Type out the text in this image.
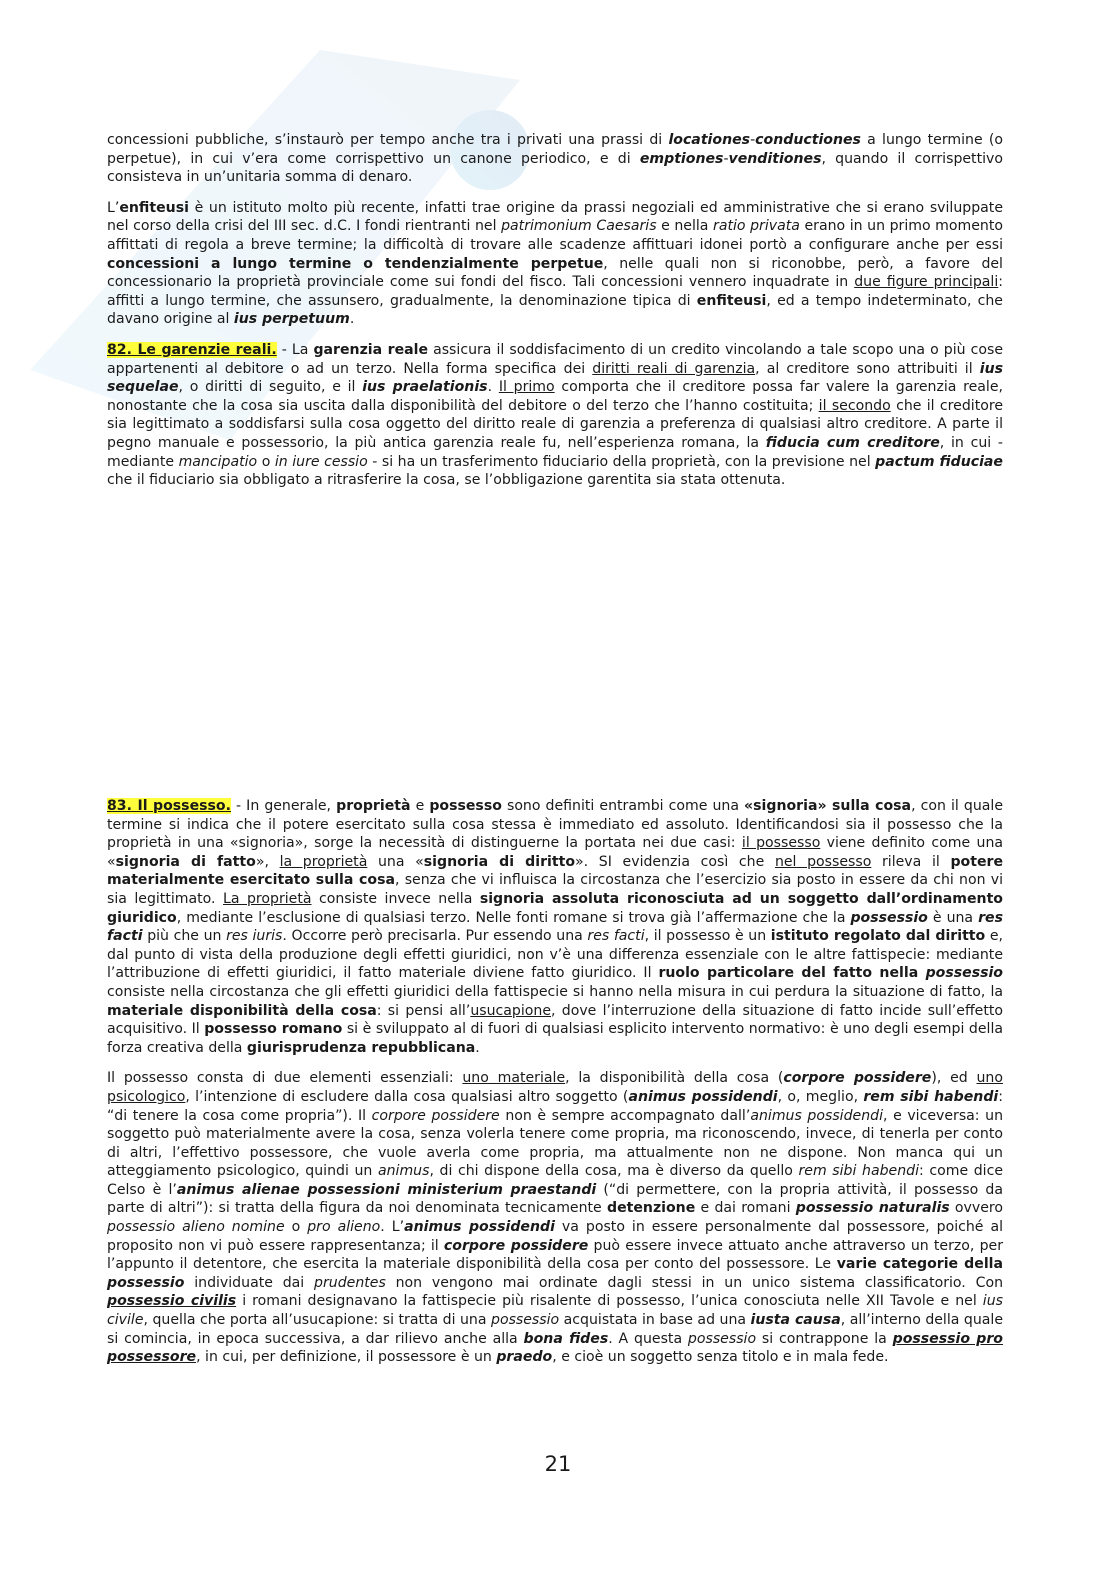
concessioni pubbliche, s’instaurò per tempo anche tra i privati una prassi di locationes-conductiones a lungo termine (o perpetue), in cui v’era come corrispettivo un canone periodico, e di emptiones-venditiones, quando il corrispettivo consisteva in un’unitaria somma di denaro.

L’enfiteusi è un istituto molto più recente, infatti trae origine da prassi negoziali ed amministrative che si erano sviluppate nel corso della crisi del III sec. d.C. I fondi rientranti nel patrimonium Caesaris e nella ratio privata erano in un primo momento affittati di regola a breve termine; la difficoltà di trovare alle scadenze affittuari idonei portò a configurare anche per essi concessioni a lungo termine o tendenzialmente perpetue, nelle quali non si riconobbe, però, a favore del concessionario la proprietà provinciale come sui fondi del fisco. Tali concessioni vennero inquadrate in due figure principali: affitti a lungo termine, che assunsero, gradualmente, la denominazione tipica di enfiteusi, ed a tempo indeterminato, che davano origine al ius perpetuum.

82. Le garenzie reali. - La garenzia reale assicura il soddisfacimento di un credito vincolando a tale scopo una o più cose appartenenti al debitore o ad un terzo. Nella forma specifica dei diritti reali di garenzia, al creditore sono attribuiti il ius sequelae, o diritti di seguito, e il ius praelationis. Il primo comporta che il creditore possa far valere la garenzia reale, nonostante che la cosa sia uscita dalla disponibilità del debitore o del terzo che l’hanno costituita; il secondo che il creditore sia legittimato a soddisfarsi sulla cosa oggetto del diritto reale di garenzia a preferenza di qualsiasi altro creditore. A parte il pegno manuale e possessorio, la più antica garenzia reale fu, nell’esperienza romana, la fiducia cum creditore, in cui - mediante mancipatio o in iure cessio - si ha un trasferimento fiduciario della proprietà, con la previsione nel pactum fiduciae che il fiduciario sia obbligato a ritrasferire la cosa, se l’obbligazione garentita sia stata ottenuta.

83. Il possesso. - In generale, proprietà e possesso sono definiti entrambi come una «signoria» sulla cosa, con il quale termine si indica che il potere esercitato sulla cosa stessa è immediato ed assoluto. Identificandosi sia il possesso che la proprietà in una «signoria», sorge la necessità di distinguerne la portata nei due casi: il possesso viene definito come una «signoria di fatto», la proprietà una «signoria di diritto». SI evidenzia così che nel possesso rileva il potere materialmente esercitato sulla cosa, senza che vi influisca la circostanza che l’esercizio sia posto in essere da chi non vi sia legittimato. La proprietà consiste invece nella signoria assoluta riconosciuta ad un soggetto dall’ordinamento giuridico, mediante l’esclusione di qualsiasi terzo. Nelle fonti romane si trova già l’affermazione che la possessio è una res facti più che un res iuris. Occorre però precisarla. Pur essendo una res facti, il possesso è un istituto regolato dal diritto e, dal punto di vista della produzione degli effetti giuridici, non v’è una differenza essenziale con le altre fattispecie: mediante l’attribuzione di effetti giuridici, il fatto materiale diviene fatto giuridico. Il ruolo particolare del fatto nella possessio consiste nella circostanza che gli effetti giuridici della fattispecie si hanno nella misura in cui perdura la situazione di fatto, la materiale disponibilità della cosa: si pensi all’usucapione, dove l’interruzione della situazione di fatto incide sull’effetto acquisitivo. Il possesso romano si è sviluppato al di fuori di qualsiasi esplicito intervento normativo: è uno degli esempi della forza creativa della giurisprudenza repubblicana.

Il possesso consta di due elementi essenziali: uno materiale, la disponibilità della cosa (corpore possidere), ed uno psicologico, l’intenzione di escludere dalla cosa qualsiasi altro soggetto (animus possidendi, o, meglio, rem sibi habendi: “di tenere la cosa come propria”). Il corpore possidere non è sempre accompagnato dall’animus possidendi, e viceversa: un soggetto può materialmente avere la cosa, senza volerla tenere come propria, ma riconoscendo, invece, di tenerla per conto di altri, l’effettivo possessore, che vuole averla come propria, ma attualmente non ne dispone. Non manca qui un atteggiamento psicologico, quindi un animus, di chi dispone della cosa, ma è diverso da quello rem sibi habendi: come dice Celso è l’animus alienae possessioni ministerium praestandi (“di permettere, con la propria attività, il possesso da parte di altri”): si tratta della figura da noi denominata tecnicamente detenzione e dai romani possessio naturalis ovvero possessio alieno nomine o pro alieno. L’animus possidendi va posto in essere personalmente dal possessore, poiché al proposito non vi può essere rappresentanza; il corpore possidere può essere invece attuato anche attraverso un terzo, per l’appunto il detentore, che esercita la materiale disponibilità della cosa per conto del possessore. Le varie categorie della possessio individuate dai prudentes non vengono mai ordinate dagli stessi in un unico sistema classificatorio. Con possessio civilis i romani designavano la fattispecie più risalente di possesso, l’unica conosciuta nelle XII Tavole e nel ius civile, quella che porta all’usucapione: si tratta di una possessio acquistata in base ad una iusta causa, all’interno della quale si comincia, in epoca successiva, a dar rilievo anche alla bona fides. A questa possessio si contrappone la possessio pro possessore, in cui, per definizione, il possessore è un praedo, e cioè un soggetto senza titolo e in mala fede.

21
